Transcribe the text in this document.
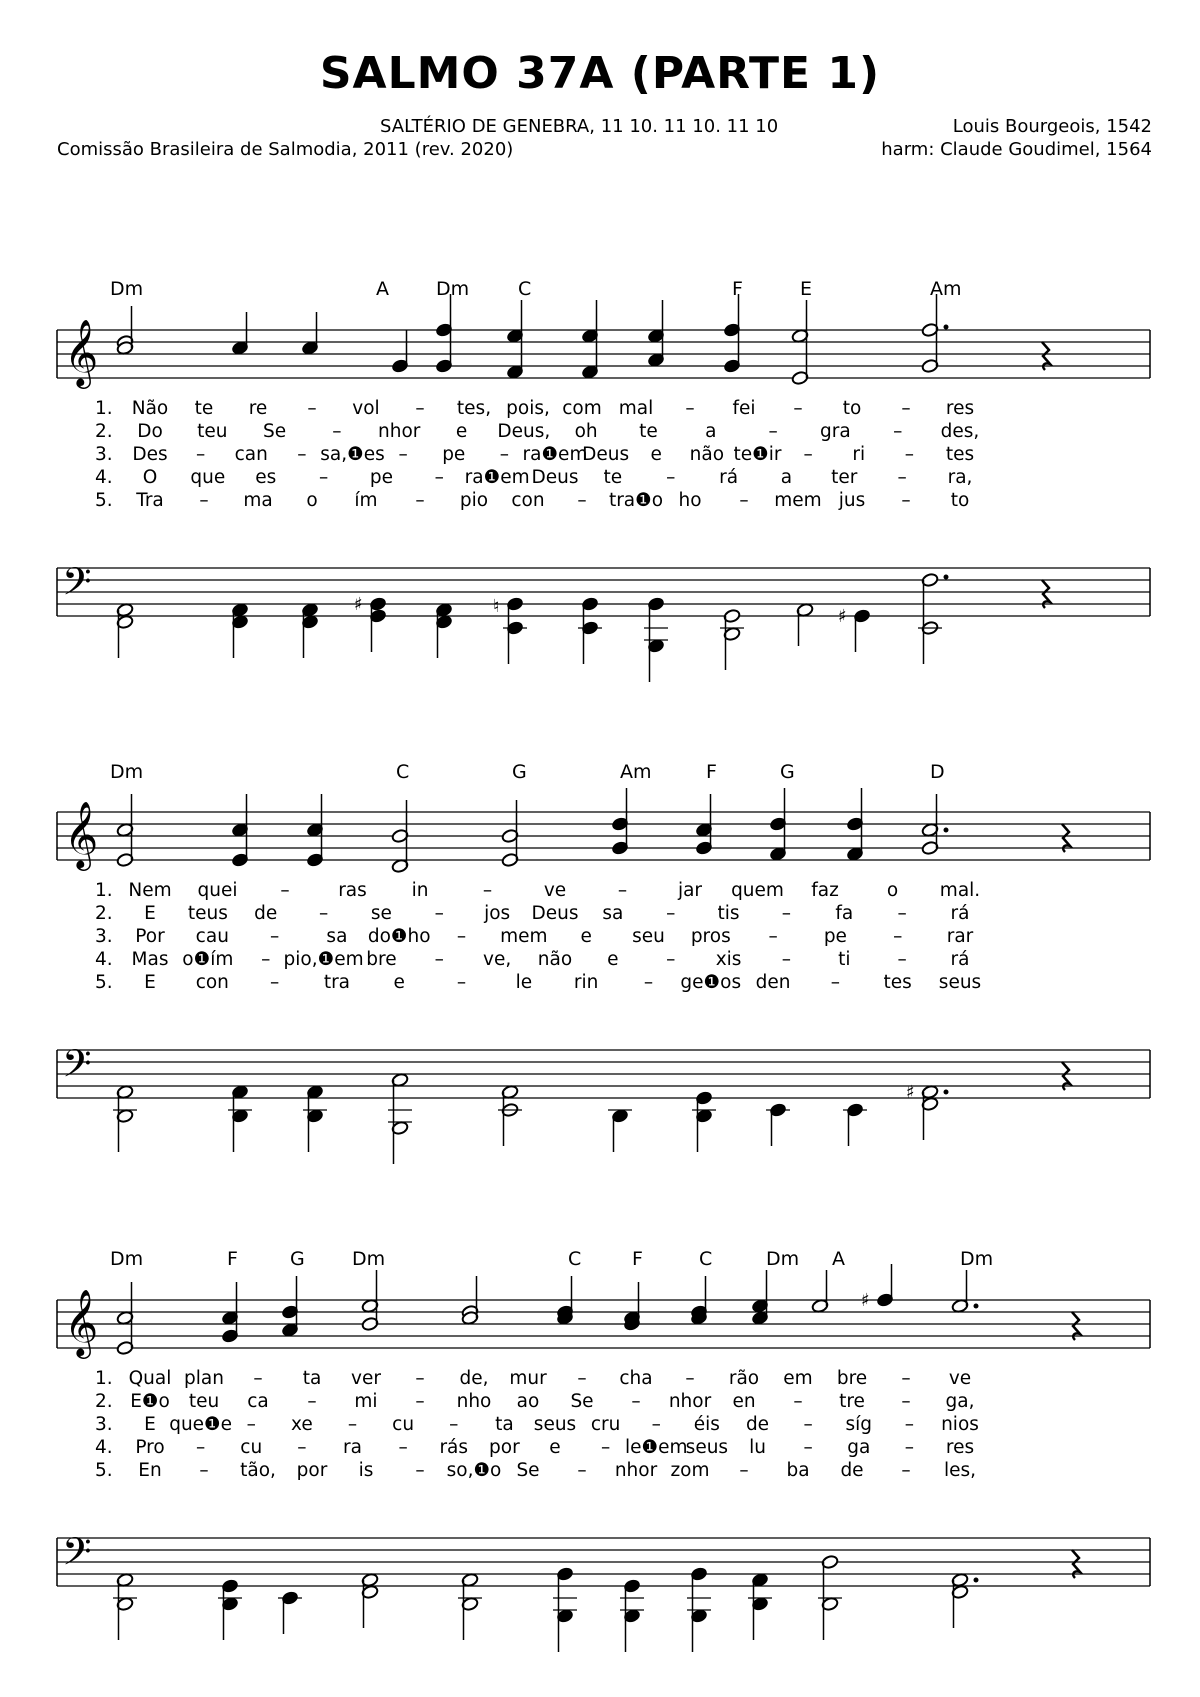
SALMO 37A (PARTE 1)
SALTÉRIO DE GENEBRA, 11 10. 11 10. 11 10
Comissão Brasileira de Salmodia, 2011 (rev. 2020)
Louis Bourgeois, 1542
harm: Claude Goudimel, 1564
Dm	A Dm	C	F	E	Am
𝄞
𝄢	♯	♮	♯
1. Não te re – vol – tes, pois, com mal – fei – to – res
2. Do teu Se – nhor e Deus, oh te	a	– gra – des,
3. Des – can – sa,❶es – pe – ra❶em
Deus e não te❶ir – ri – tes
4. O que es – pe – ra❶em Deus te – rá a ter – ra,
5. Tra – ma o ím – pio con – tra❶o ho – mem jus – to
Dm	C	G	Am	F	G	D
𝄞
𝄢	♯
1. Nem quei –	ras in	–	ve	–	jar quem faz	o mal.
2. E teus de – se – jos Deus sa – tis – fa – rá
3. Por cau –	sa do❶ho – mem e seu pros – pe – rar
4. Mas o❶ím – pio,❶em bre – ve, não e	– xis –	ti	– rá
5. E con – tra e	–	le rin – ge❶os den – tes seus
Dm	F	G Dm	C	F	C	Dm A	Dm
𝄞	♯
𝄢
1. Qual plan – ta ver – de, mur – cha – rão em bre – ve
2. E❶o teu ca – mi – nho ao Se – nhor en – tre – ga,
3. E que❶e – xe – cu – ta seus cru – éis de – síg – nios
4. Pro – cu – ra – rás por e – le❶em
seus lu – ga – res
5. En – tão, por is – so,❶o Se – nhor zom – ba de – les,
